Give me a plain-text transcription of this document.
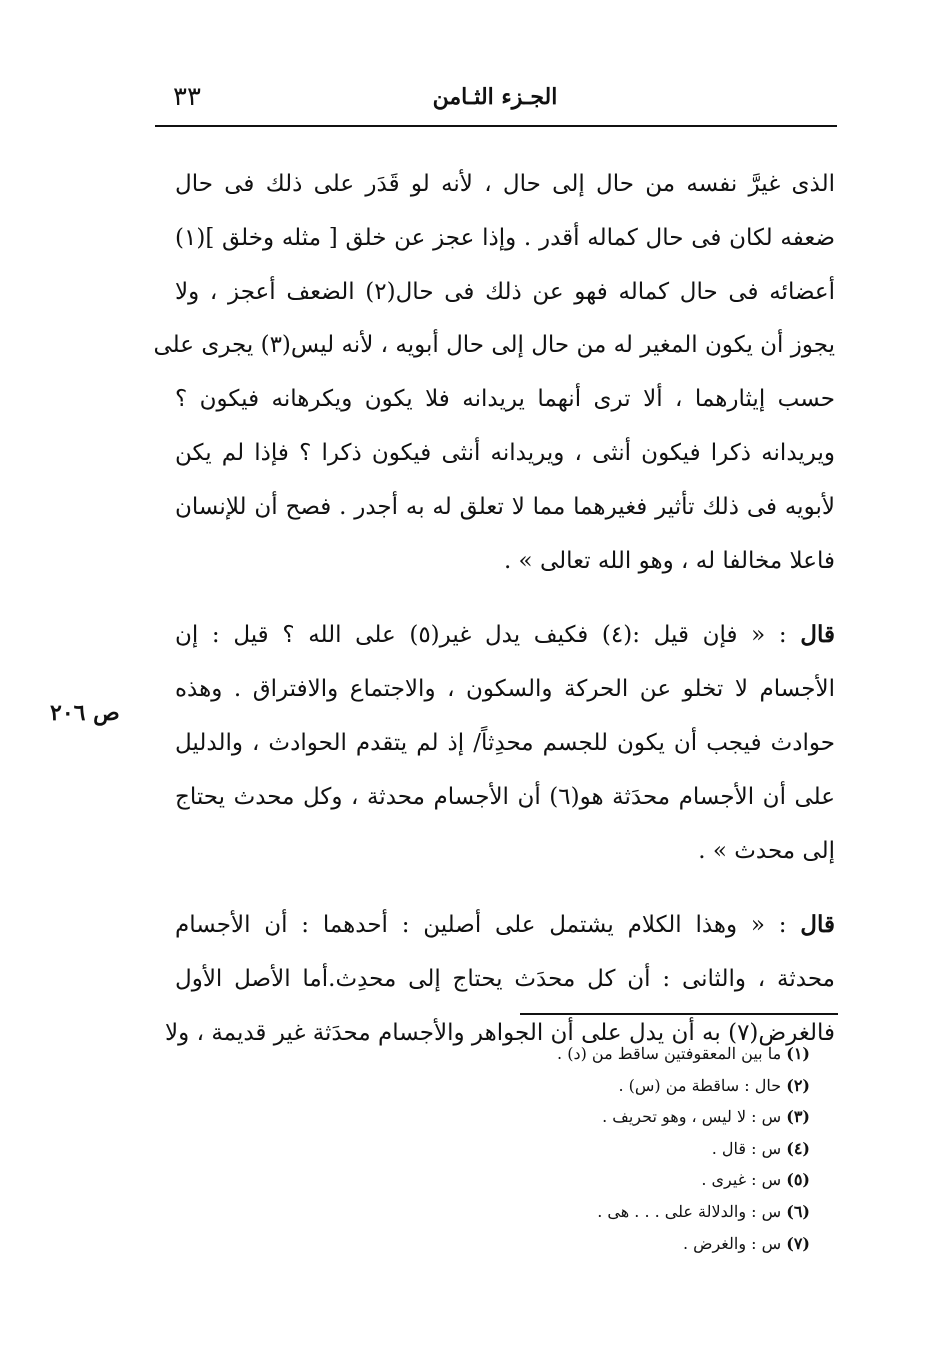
٣٣	الجـزء الثـامن
ص ٢٠٦
الذى غيرَّ نفسه من حال إلى حال ، لأنه لو قَدَر على ذلك فى حال
ضعفه لكان فى حال كماله أقدر . وإذا عجز عن خلق [ مثله وخلق ](١)
أعضائه فى حال كماله فهو عن ذلك فى حال(٢) الضعف أعجز ، ولا
يجوز أن يكون المغير له من حال إلى حال أبويه ، لأنه ليس(٣) يجرى على
حسب إيثارهما ، ألا ترى أنهما يريدانه فلا يكون ويكرهانه فيكون ؟
ويريدانه ذكرا فيكون أنثى ، ويريدانه أنثى فيكون ذكرا ؟ فإذا لم يكن
لأبويه فى ذلك تأثير فغيرهما مما لا تعلق له به أجدر . فصح أن للإنسان
فاعلا مخالفا له ، وهو الله تعالى » .
قال : « فإن قيل :(٤) فكيف يدل غير(٥) على الله ؟ قيل : إن
الأجسام لا تخلو عن الحركة والسكون ، والاجتماع والافتراق . وهذه
حوادث فيجب أن يكون للجسم محدِثاً/ إذ لم يتقدم الحوادث ، والدليل
على أن الأجسام محدَثة هو(٦) أن الأجسام محدثة ، وكل محدث يحتاج
إلى محدث » .
قال : « وهذا الكلام يشتمل على أصلين : أحدهما : أن الأجسام
محدثة ، والثانى : أن كل محدَث يحتاج إلى محدِث.أما الأصل الأول
فالغرض(٧) به أن يدل على أن الجواهر والأجسام محدَثة غير قديمة ، ولا
(١) ما بين المعقوفتين ساقط من (د) .
(٢) حال : ساقطة من (س) .
(٣) س : لا ليس ، وهو تحريف .
(٤) س : قال .
(٥) س : غيرى .
(٦) س : والدلالة على . . . هى .
(٧) س : والغرض .
